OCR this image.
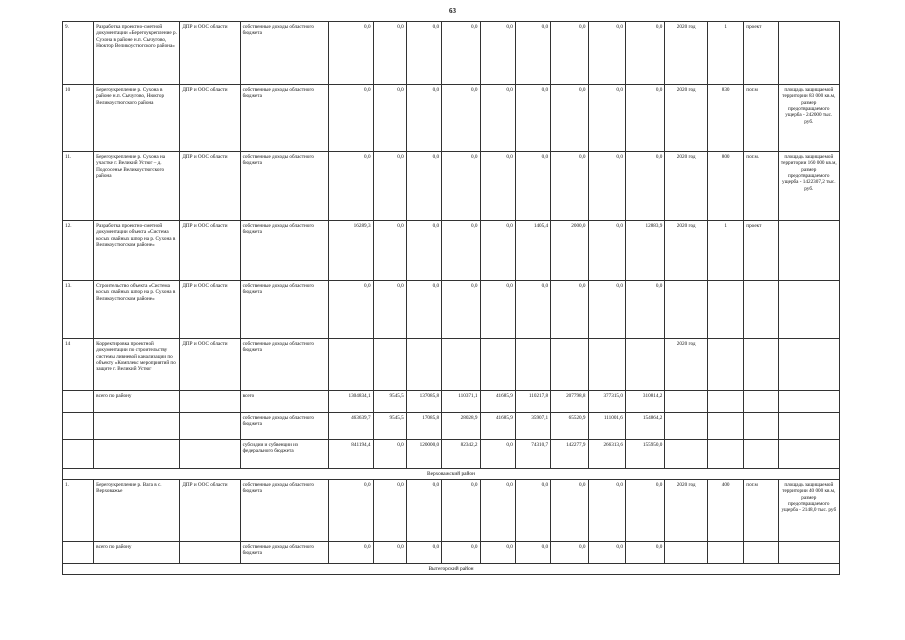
63
9.	Разработка проектно-сметной документации «Берегоукрепление р. Сухона в районе н.п. Сычугово, Нюктор Великоустюгского района»	ДПР и ООС области	собственные доходы областного бюджета	0,0	0,0	0,0	0,0	0,0	0,0	0,0	0,0	0,0	2020 год	1	проект	
10	Берегоукрепление р. Сухона в районе н.п. Сычугово, Нюктор Великоустюгского района	ДПР и ООС области	собственные доходы областного бюджета	0,0	0,0	0,0	0,0	0,0	0,0	0,0	0,0	0,0	2020 год	830	пог.м	площадь защищаемой территории 83 000 кв.м, размер предотвращаемого ущерба - 242000 тыс. руб.
11.	Берегоукрепление р. Сухона на участке г. Великий Устюг – д. Подсосенье Великоустюгского района	ДПР и ООС области	собственные доходы областного бюджета	0,0	0,0	0,0	0,0	0,0	0,0	0,0	0,0	0,0	2020 год	800	пог.м.	площадь защищаемой территории 160 000 кв.м, размер предотвращаемого ущерба - 1422307,2 тыс. руб.
12.	Разработка проектно-сметной документации объекта «Система косых свайных шпор на р. Сухона в Великоустюгском районе»	ДПР и ООС области	собственные доходы областного бюджета	16289,3	0,0	0,0	0,0	0,0	1405,4	2000,0	0,0	12883,9	2020 год	1	проект	
13.	Строительство объекта «Система косых свайных шпор на р. Сухона в Великоустюгском районе»	ДПР и ООС области	собственные доходы областного бюджета	0,0	0,0	0,0	0,0	0,0	0,0	0,0	0,0	0,0				
14	Корректировка проектной документации по строительству системы ливневой канализации по объекту «Комплекс мероприятий по защите г. Великий Устюг	ДПР и ООС области	собственные доходы областного бюджета										2020 год			
	всего по району		всего	1304834,1	9545,5	137085,8	110371,1	41685,9	110217,8	207798,8	377315,0	310814,2				
			собственные доходы областного бюджета	463639,7	9545,5	17085,8	28028,9	41685,9	35907,1	65520,9	111001,6	154864,2				
			субсидии и субвенции из федерального бюджета	841194,4	0,0	120000,0	82342,2	0,0	74310,7	142277,9	266313,6	155950,0				
Верховажский район																
1.	Берегоукрепление р. Вага в с. Верховажье	ДПР и ООС области	собственные доходы областного бюджета	0,0	0,0	0,0	0,0	0,0	0,0	0,0	0,0	0,0	2020 год	400	пог.м	площадь защищаемой территории 40 000 кв.м, размер предотвращаемого ущерба - 2148,0 тыс. руб
	всего по району		собственные доходы областного бюджета	0,0	0,0	0,0	0,0	0,0	0,0	0,0	0,0	0,0				
Вытегорский район																
